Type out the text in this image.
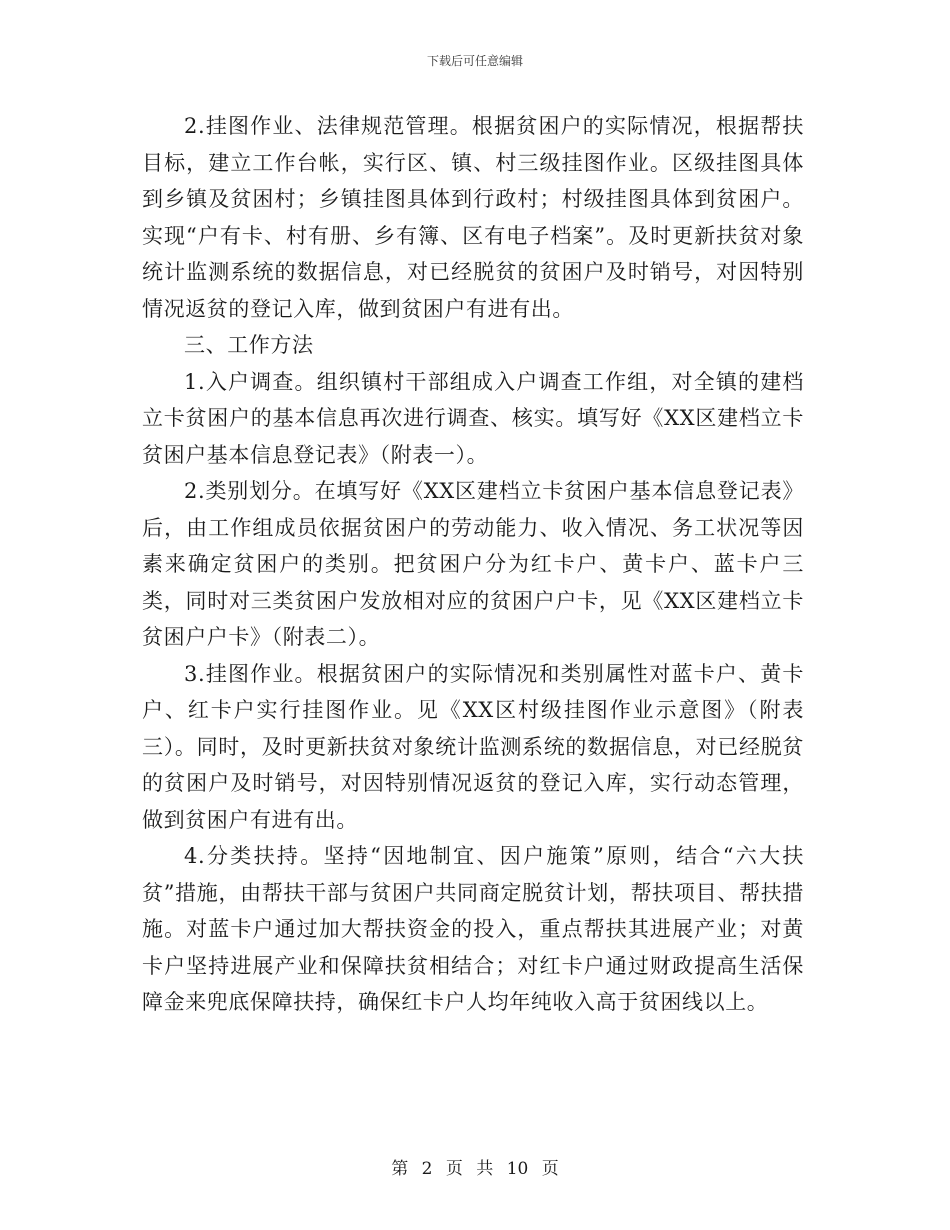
下载后可任意编辑

2.挂图作业、法律规范管理。根据贫困户的实际情况，根据帮扶目标，建立工作台帐，实行区、镇、村三级挂图作业。区级挂图具体到乡镇及贫困村；乡镇挂图具体到行政村；村级挂图具体到贫困户。实现“户有卡、村有册、乡有簿、区有电子档案”。及时更新扶贫对象统计监测系统的数据信息，对已经脱贫的贫困户及时销号，对因特别情况返贫的登记入库，做到贫困户有进有出。

三、工作方法

1.入户调查。组织镇村干部组成入户调查工作组，对全镇的建档立卡贫困户的基本信息再次进行调查、核实。填写好《XX区建档立卡贫困户基本信息登记表》（附表一）。

2.类别划分。在填写好《XX区建档立卡贫困户基本信息登记表》后，由工作组成员依据贫困户的劳动能力、收入情况、务工状况等因素来确定贫困户的类别。把贫困户分为红卡户、黄卡户、蓝卡户三类，同时对三类贫困户发放相对应的贫困户户卡，见《XX区建档立卡贫困户户卡》（附表二）。

3.挂图作业。根据贫困户的实际情况和类别属性对蓝卡户、黄卡户、红卡户实行挂图作业。见《XX区村级挂图作业示意图》（附表三）。同时，及时更新扶贫对象统计监测系统的数据信息，对已经脱贫的贫困户及时销号，对因特别情况返贫的登记入库，实行动态管理，做到贫困户有进有出。

4.分类扶持。坚持“因地制宜、因户施策”原则，结合“六大扶贫”措施，由帮扶干部与贫困户共同商定脱贫计划，帮扶项目、帮扶措施。对蓝卡户通过加大帮扶资金的投入，重点帮扶其进展产业；对黄卡户坚持进展产业和保障扶贫相结合；对红卡户通过财政提高生活保障金来兜底保障扶持，确保红卡户人均年纯收入高于贫困线以上。

第 2 页 共 10 页
